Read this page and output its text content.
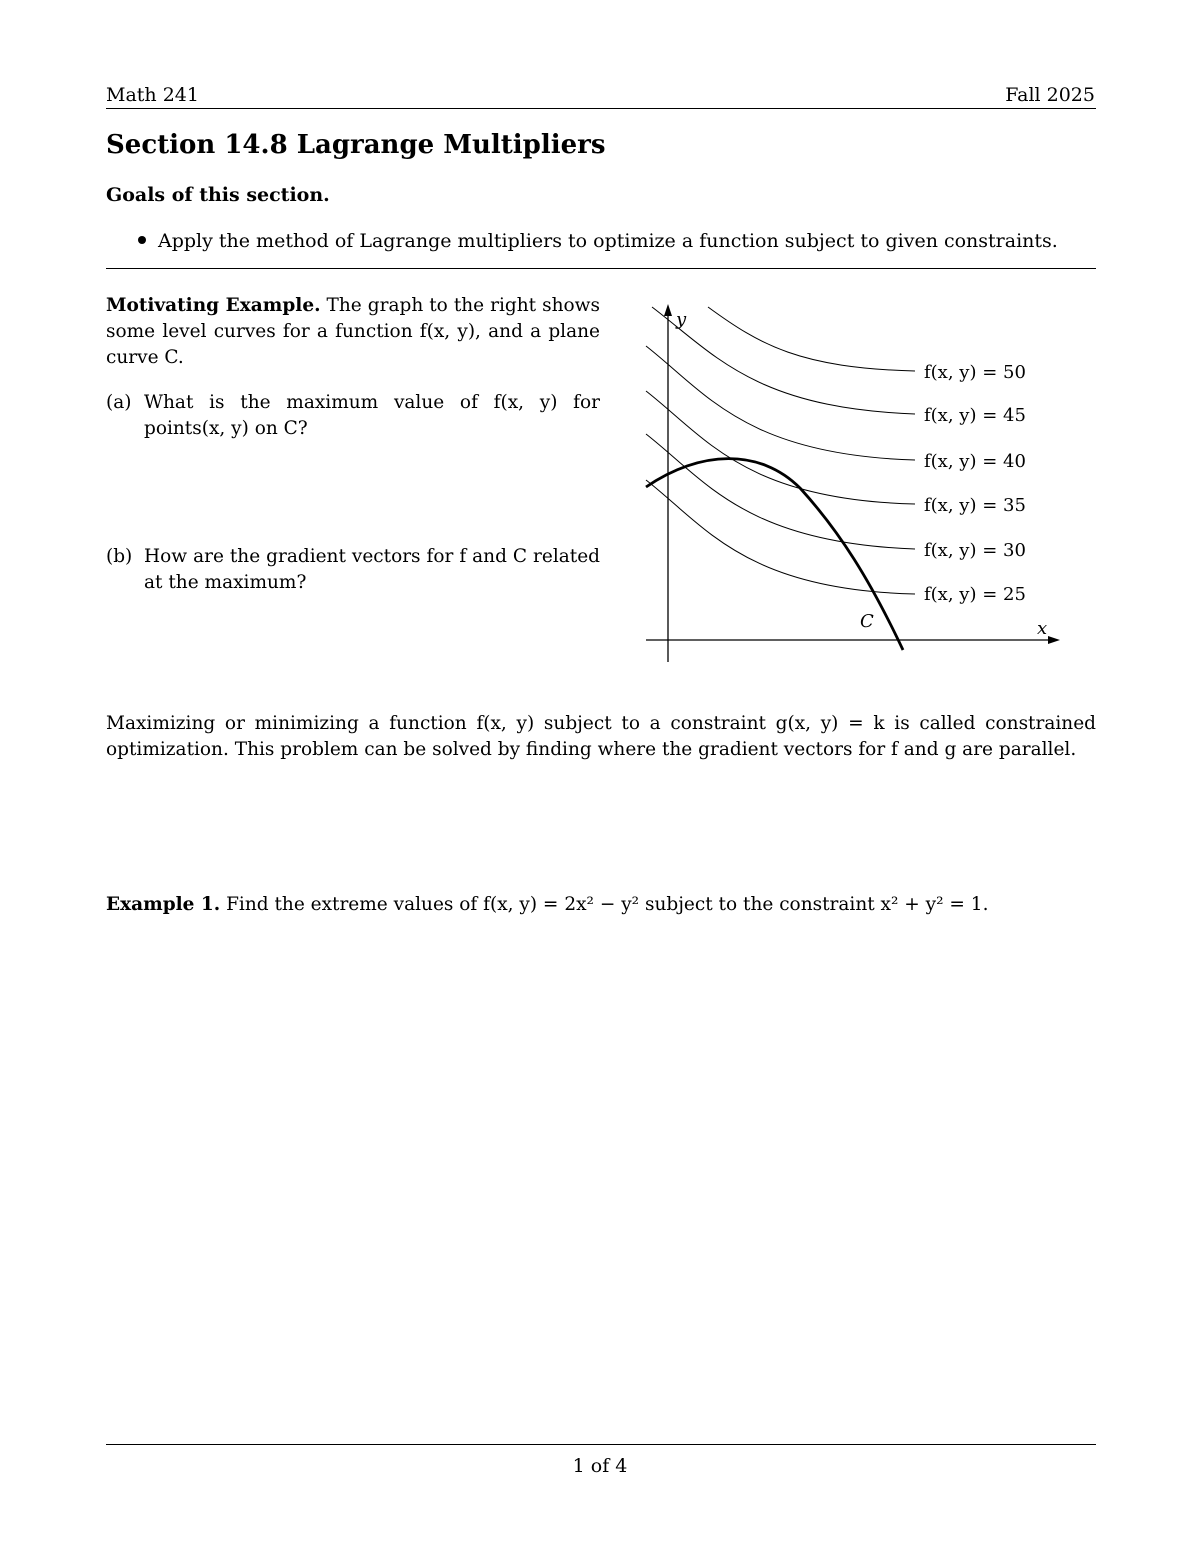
Math 241	Fall 2025
Section 14.8 Lagrange Multipliers
Goals of this section.
Apply the method of Lagrange multipliers to optimize a function subject to given constraints.
Motivating Example. The graph to the right shows some level curves for a function f(x, y), and a plane curve C.
(a) What is the maximum value of f(x, y) for points(x, y) on C?
(b) How are the gradient vectors for f and C related at the maximum?
y
x
C
f(x, y) = 50
f(x, y) = 45
f(x, y) = 40
f(x, y) = 35
f(x, y) = 30
f(x, y) = 25
Maximizing or minimizing a function f(x, y) subject to a constraint g(x, y) = k is called constrained optimization. This problem can be solved by finding where the gradient vectors for f and g are parallel.
Example 1. Find the extreme values of f(x, y) = 2x² − y² subject to the constraint x² + y² = 1.
1 of 4
